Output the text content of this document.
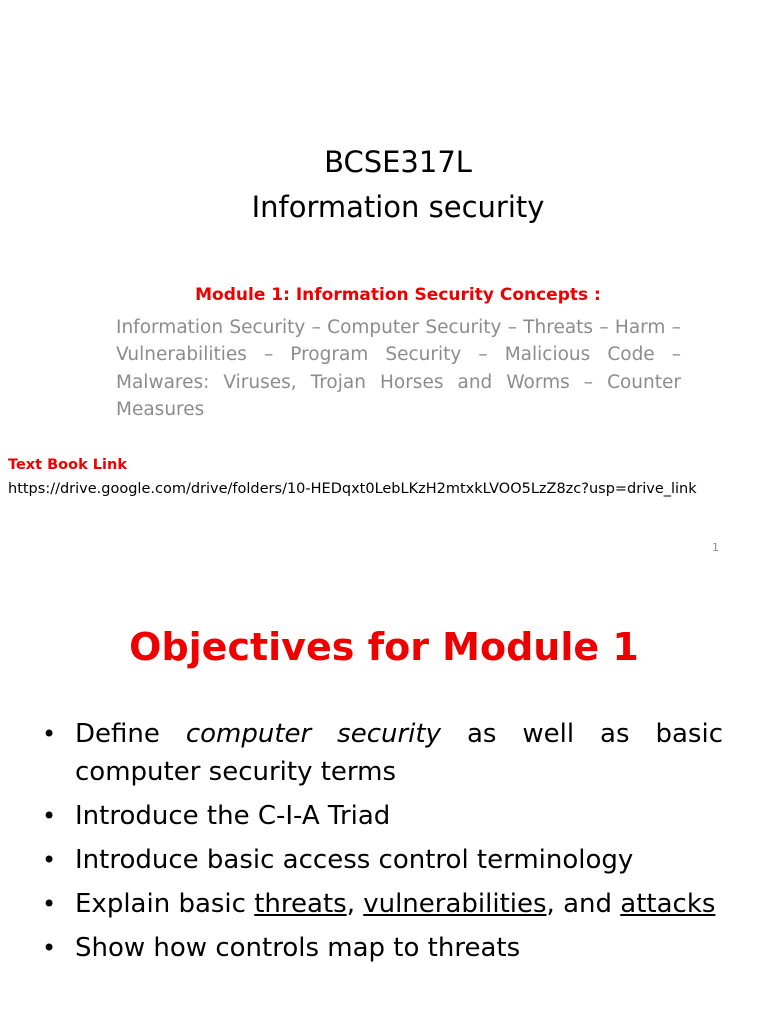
BCSE317L
Information security
Module 1: Information Security Concepts :
Information Security – Computer Security – Threats – Harm – Vulnerabilities – Program Security – Malicious Code – Malwares: Viruses, Trojan Horses and Worms – Counter Measures
Text Book Link
https://drive.google.com/drive/folders/10-HEDqxt0LebLKzH2mtxkLVOO5LzZ8zc?usp=drive_link
1
Objectives for Module 1
• Define computer security as well as basic computer security terms
• Introduce the C-I-A Triad
• Introduce basic access control terminology
• Explain basic threats, vulnerabilities, and attacks
• Show how controls map to threats
